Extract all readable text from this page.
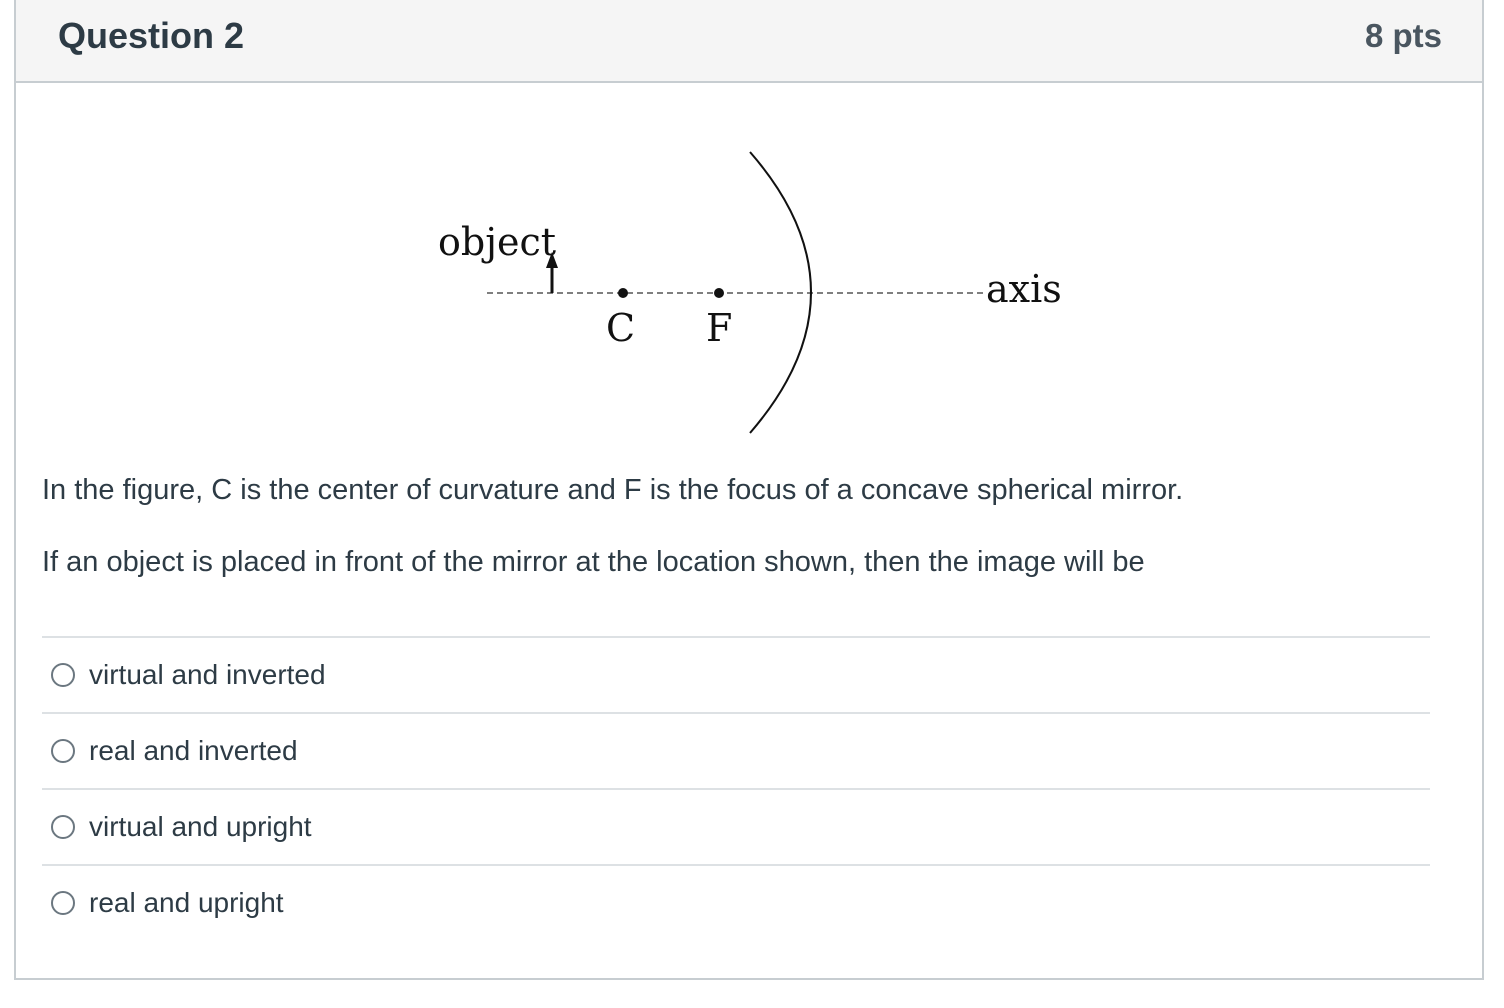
Question 2	8 pts
object
axis
C F
In the figure, C is the center of curvature and F is the focus of a concave spherical mirror.
If an object is placed in front of the mirror at the location shown, then the image will be
virtual and inverted
real and inverted
virtual and upright
real and upright
